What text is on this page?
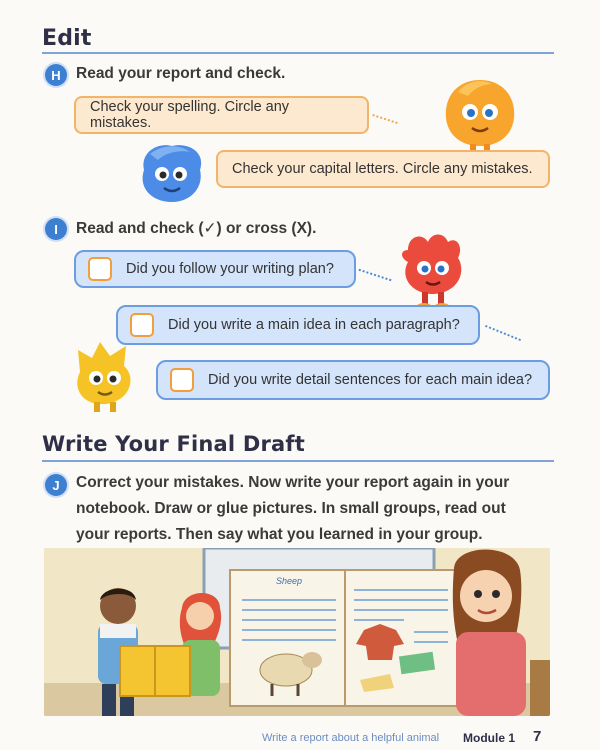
Edit
H Read your report and check.
Check your spelling. Circle any mistakes.
Check your capital letters. Circle any mistakes.
I	Read and check (✓) or cross (X).
Did you follow your writing plan?
Did you write a main idea in each paragraph?
Did you write detail sentences for each main idea?
Write Your Final Draft
J	Correct your mistakes. Now write your report again in your
notebook. Draw or glue pictures. In small groups, read out
your reports. Then say what you learned in your group.
Sheep
Write a report about a helpful animal Module 1 7
